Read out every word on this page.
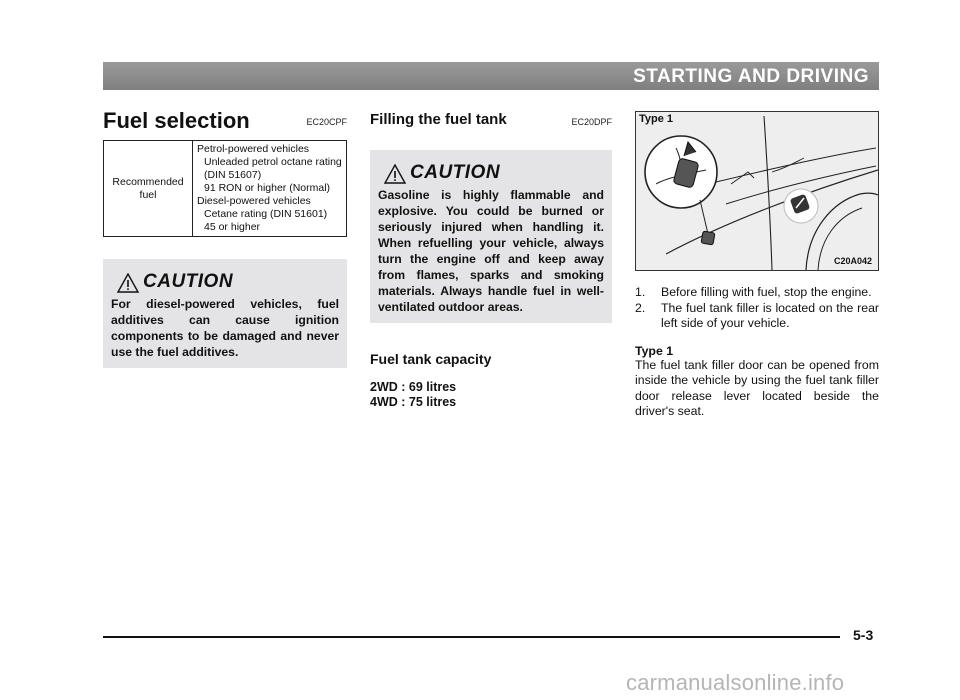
STARTING AND DRIVING
Fuel selection	EC20CPF
Recommended fuel	
Petrol-powered vehicles
Unleaded petrol octane rating
(DIN 51607)
91 RON or higher (Normal)
Diesel-powered vehicles
Cetane rating (DIN 51601)
45 or higher
CAUTION
For diesel-powered vehicles, fuel additives can cause ignition components to be damaged and never use the fuel additives.
Filling the fuel tank	EC20DPF
CAUTION
Gasoline is highly flammable and explosive. You could be burned or seriously injured when handling it. When refuelling your vehicle, always turn the engine off and keep away from flames, sparks and smoking materials. Always handle fuel in well-ventilated outdoor areas.
Fuel tank capacity
2WD : 69 litres
4WD : 75 litres
Type 1
C20A042
1.	Before filling with fuel, stop the engine.
2.	The fuel tank filler is located on the rear left side of your vehicle.
Type 1
The fuel tank filler door can be opened from inside the vehicle by using the fuel tank filler door release lever located beside the driver's seat.
5-3
carmanualsonline.info
